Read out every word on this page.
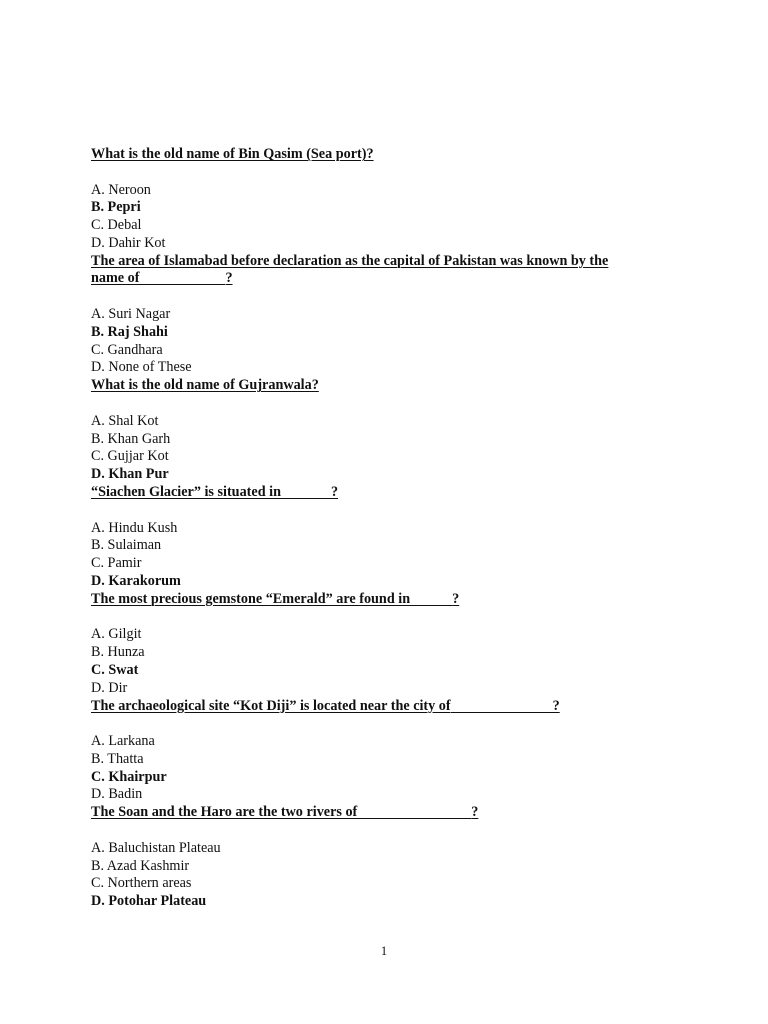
What is the old name of Bin Qasim (Sea port)?

A. Neroon

B. Pepri

C. Debal

D. Dahir Kot

The area of Islamabad before declaration as the capital of Pakistan was known by the

name of	?

A. Suri Nagar

B. Raj Shahi

C. Gandhara

D. None of These

What is the old name of Gujranwala?

A. Shal Kot

B. Khan Garh

C. Gujjar Kot

D. Khan Pur

“Siachen Glacier” is situated in	?

A. Hindu Kush

B. Sulaiman

C. Pamir

D. Karakorum

The most precious gemstone “Emerald” are found in	?

A. Gilgit

B. Hunza

C. Swat

D. Dir

The archaeological site “Kot Diji” is located near the city of	?

A. Larkana

B. Thatta

C. Khairpur

D. Badin

The Soan and the Haro are the two rivers of	?

A. Baluchistan Plateau

B. Azad Kashmir

C. Northern areas

D. Potohar Plateau

1
